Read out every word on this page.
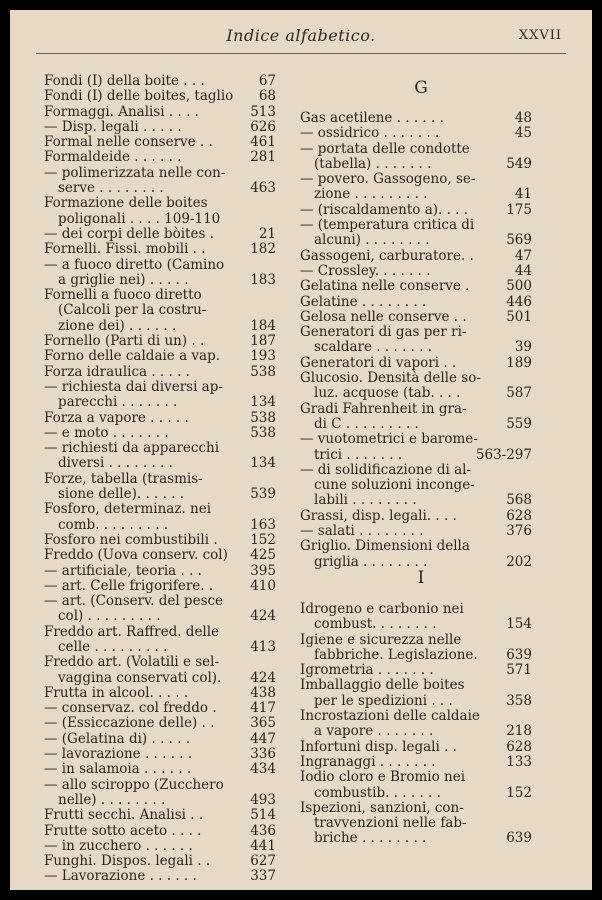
Indice alfabetico.	XXVII
Fondi (I) della boite . . .	67
Fondi (I) delle boites, taglio 68
Formaggi. Analisi . . . .	513
— Disp. legali . . . . .	626
Formal nelle conserve . .	461
Formaldeide . . . . . .	281
— polimerizzata nelle con-
serve . . . . . . . .	463
Formazione delle boites
poligonali . . . . 109-110
— dei corpi delle bòites .	21
Fornelli. Fissi. mobili . .	182
— a fuoco diretto (Camino
a griglie nei) . . . . .	183
Fornelli a fuoco diretto
(Calcoli per la costru-
zione dei) . . . . . .	184
Fornello (Parti di un) . .	187
Forno delle caldaie a vap. 193
Forza idraulica . . . . .	538
— richiesta dai diversi ap-
parecchi . . . . . . .	134
Forza a vapore . . . . .	538
— e moto . . . . . . .	538
— richiesti da apparecchi
diversi . . . . . . . .	134
Forze, tabella (trasmis-
sione delle). . . . . .	539
Fosforo, determinaz. nei
comb. . . . . . . . .	163
Fosforo nei combustibili . 152
Freddo (Uova conserv. col) 425
— artificiale, teoria . . .	395
— art. Celle frigorifere. .	410
— art. (Conserv. del pesce
col) . . . . . . . . .	424
Freddo art. Raffred. delle
celle . . . . . . . . .	413
Freddo art. (Volatili e sel-
vaggina conservati col). 424
Frutta in alcool. . . . .	438
— conservaz. col freddo . 417
— (Essiccazione delle) . .	365
— (Gelatina di) . . . . .	447
— lavorazione . . . . . .	336
— in salamoia . . . . . .	434
— allo sciroppo (Zucchero
nelle) . . . . . . . .	493
Frutti secchi. Analisi . .	514
Frutte sotto aceto . . . .	436
— in zucchero . . . . . .	441
Funghi. Dispos. legali . .	627
— Lavorazione . . . . . .	337
G
Gas acetilene . . . . . .	48
— ossidrico . . . . . . .	45
— portata delle condotte
(tabella) . . . . . . .	549
— povero. Gassogeno, se-
zione . . . . . . . . .	41
— (riscaldamento a). . . .	175
— (temperatura critica di
alcuni) . . . . . . . .	569
Gassogeni, carburatore. .	47
— Crossley. . . . . . .	44
Gelatina nelle conserve .	500
Gelatine . . . . . . . .	446
Gelosa nelle conserve . .	501
Generatori di gas per ri-
scaldare . . . . . . .	39
Generatori di vapori . .	189
Glucosio. Densità delle so-
luz. acquose (tab. . . .	587
Gradi Fahrenheit in gra-
di C . . . . . . . . .	559
— vuotometrici e barome-
trici . . . . . . .	563-297
— di solidificazione di al-
cune soluzioni inconge-
labili . . . . . . . .	568
Grassi, disp. legali. . . .	628
— salati . . . . . . . .	376
Griglio. Dimensioni della
griglia . . . . . . . .	202
I
Idrogeno e carbonio nei
combust. . . . . . . .	154
Igiene e sicurezza nelle
fabbriche. Legislazione. 639
Igrometria . . . . . . .	571
Imballaggio delle boites
per le spedizioni . . .	358
Incrostazioni delle caldaie
a vapore . . . . . . .	218
Infortuni disp. legali . .	628
Ingranaggi . . . . . . .	133
Iodio cloro e Bromio nei
combustib. . . . . . .	152
Ispezioni, sanzioni, con-
travvenzioni nelle fab-
briche . . . . . . . .	639
